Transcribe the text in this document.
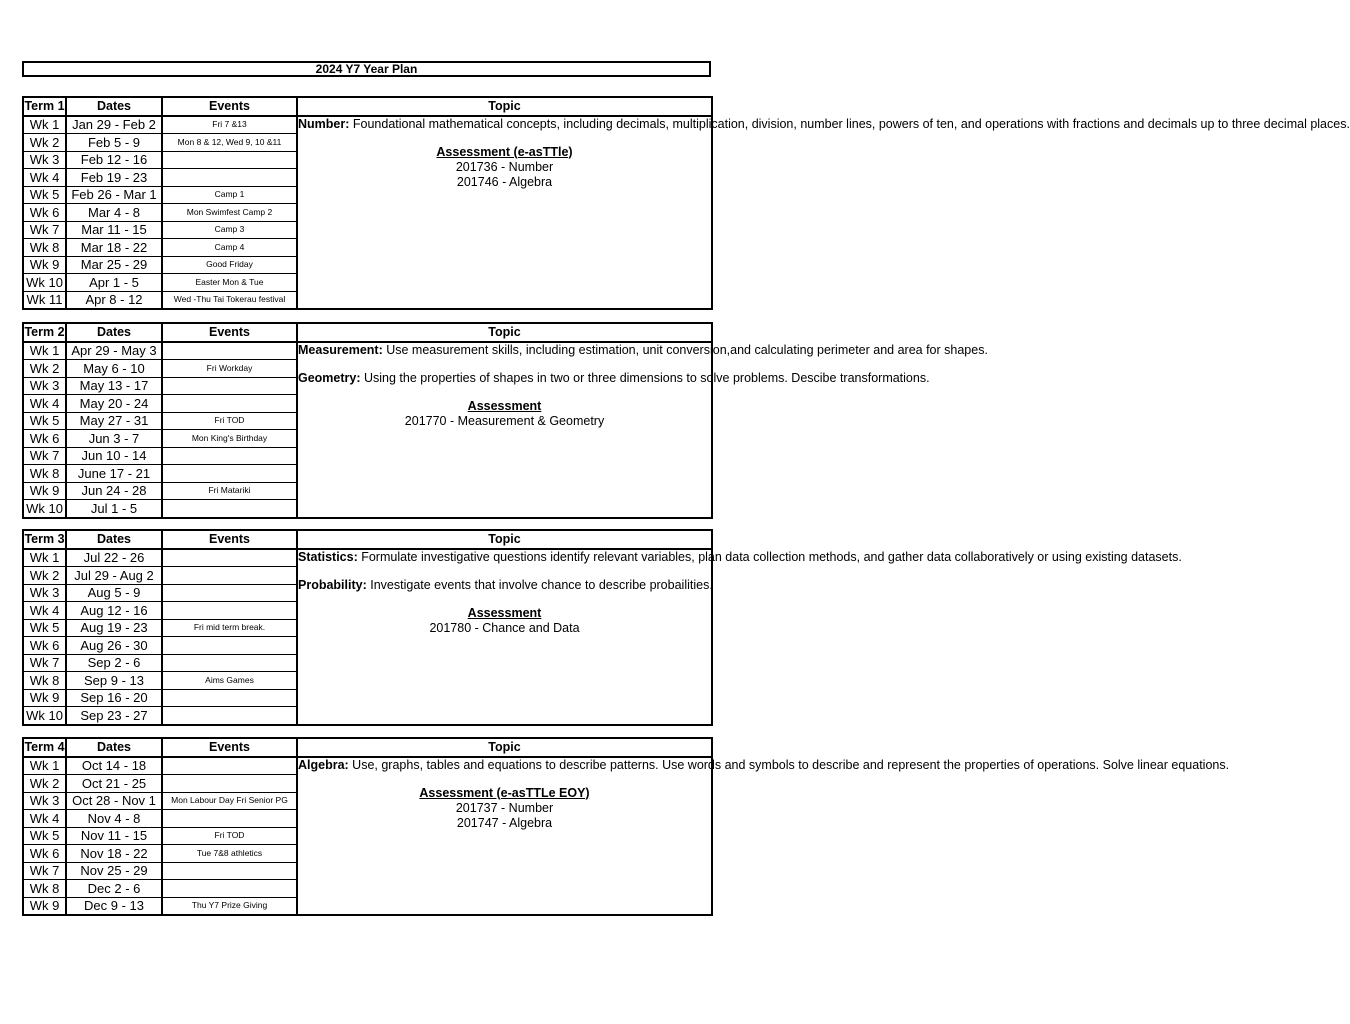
2024 Y7 Year Plan
Term 1	Dates	Events	Topic
Wk 1	Jan 29 - Feb 2	Fri 7 &13	Number: Foundational mathematical concepts, including decimals, multiplication, division, number lines, powers of ten, and operations with fractions and decimals up to three decimal places.
Assessment (e-asTTle)
201736 - Number
201746 - Algebra

Wk 2	Feb 5 - 9	Mon 8 & 12, Wed 9, 10 &11	
Wk 3	Feb 12 - 16		
Wk 4	Feb 19 - 23		
Wk 5	Feb 26 - Mar 1	Camp 1	
Wk 6	Mar 4 - 8	Mon Swimfest Camp 2	
Wk 7	Mar 11 - 15	Camp 3	
Wk 8	Mar 18 - 22	Camp 4	
Wk 9	Mar 25 - 29	Good Friday	
Wk 10	Apr 1 - 5	Easter Mon & Tue	
Wk 11	Apr 8 - 12	Wed -Thu Tai Tokerau festival	
Term 2	Dates	Events	Topic
Wk 1	Apr 29 - May 3		Measurement: Use measurement skills, including estimation, unit conversion,and calculating perimeter and area for shapes.
Geometry: Using the properties of shapes in two or three dimensions to solve problems. Descibe transformations.
Assessment
201770 - Measurement & Geometry

Wk 2	May 6 - 10	Fri Workday	
Wk 3	May 13 - 17		
Wk 4	May 20 - 24		
Wk 5	May 27 - 31	Fri TOD	
Wk 6	Jun 3 - 7	Mon King's Birthday	
Wk 7	Jun 10 - 14		
Wk 8	June 17 - 21		
Wk 9	Jun 24 - 28	Fri Matariki	
Wk 10	Jul 1 - 5		
Term 3	Dates	Events	Topic
Wk 1	Jul 22 - 26		Statistics: Formulate investigative questions identify relevant variables, plan data collection methods, and gather data collaboratively or using existing datasets.
Probability: Investigate events that involve chance to describe probailities.
Assessment
201780 - Chance and Data

Wk 2	Jul 29 - Aug 2		
Wk 3	Aug 5 - 9		
Wk 4	Aug 12 - 16		
Wk 5	Aug 19 - 23	Fri mid term break.	
Wk 6	Aug 26 - 30		
Wk 7	Sep 2 - 6		
Wk 8	Sep 9 - 13	Aims Games	
Wk 9	Sep 16 - 20		
Wk 10	Sep 23 - 27		
Term 4	Dates	Events	Topic
Wk 1	Oct 14 - 18		Algebra: Use, graphs, tables and equations to describe patterns. Use words and symbols to describe and represent the properties of operations. Solve linear equations.
Assessment (e-asTTLe EOY)
201737 - Number
201747 - Algebra

Wk 2	Oct 21 - 25		
Wk 3	Oct 28 - Nov 1	Mon Labour Day Fri Senior PG	
Wk 4	Nov 4 - 8		
Wk 5	Nov 11 - 15	Fri TOD	
Wk 6	Nov 18 - 22	Tue 7&8 athletics	
Wk 7	Nov 25 - 29		
Wk 8	Dec 2 - 6		
Wk 9	Dec 9 - 13	Thu Y7 Prize Giving	
